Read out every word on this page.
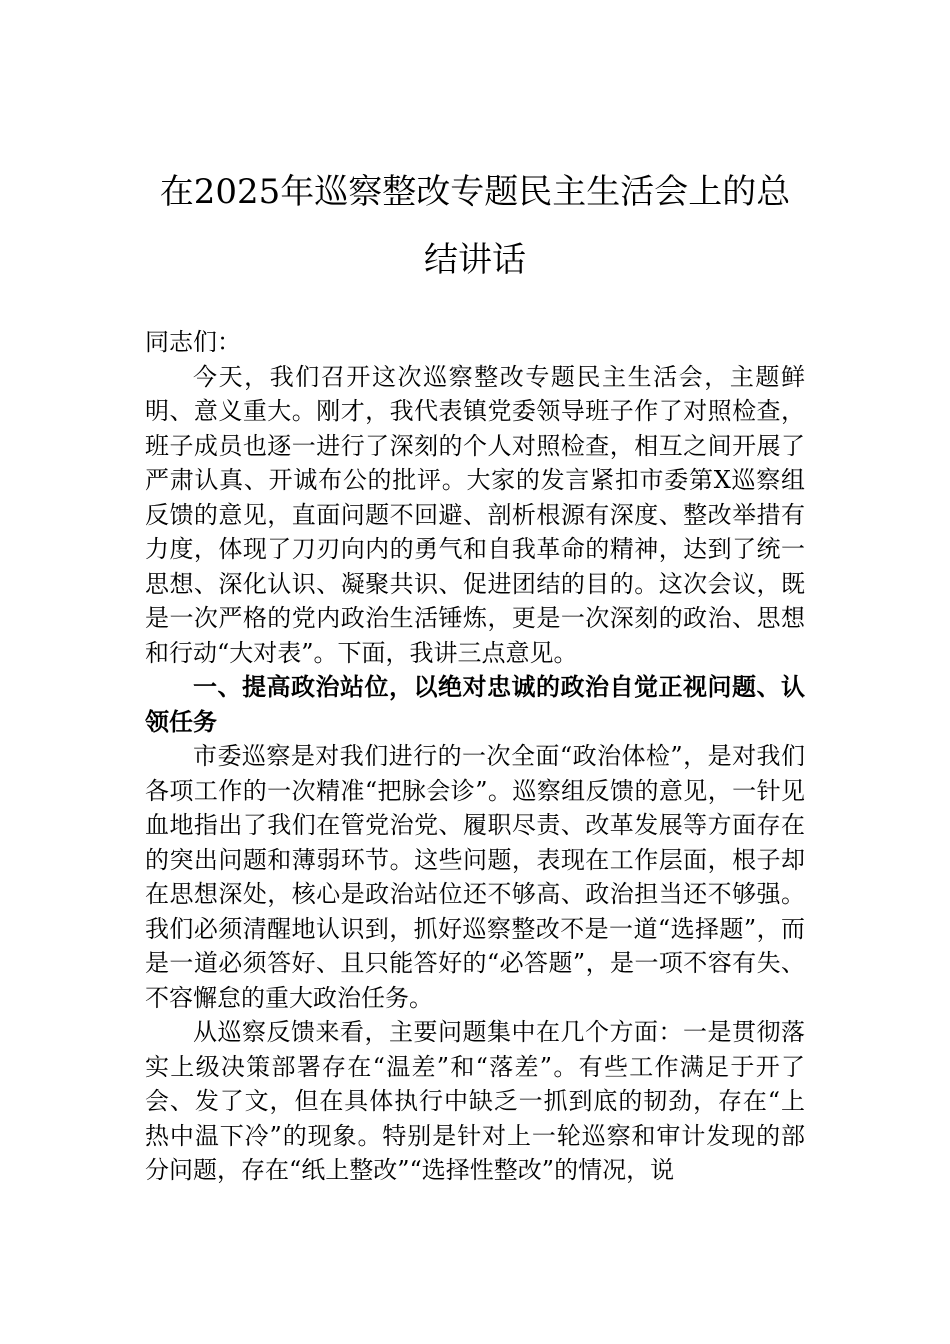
在2025年巡察整改专题民主生活会上的总
结讲话

同志们：

今天，我们召开这次巡察整改专题民主生活会，主题鲜明、意义重大。刚才，我代表镇党委领导班子作了对照检查，班子成员也逐一进行了深刻的个人对照检查，相互之间开展了严肃认真、开诚布公的批评。大家的发言紧扣市委第X巡察组反馈的意见，直面问题不回避、剖析根源有深度、整改举措有力度，体现了刀刃向内的勇气和自我革命的精神，达到了统一思想、深化认识、凝聚共识、促进团结的目的。这次会议，既是一次严格的党内政治生活锤炼，更是一次深刻的政治、思想和行动“大对表”。下面，我讲三点意见。

一、提高政治站位，以绝对忠诚的政治自觉正视问题、认领任务

市委巡察是对我们进行的一次全面“政治体检”，是对我们各项工作的一次精准“把脉会诊”。巡察组反馈的意见，一针见血地指出了我们在管党治党、履职尽责、改革发展等方面存在的突出问题和薄弱环节。这些问题，表现在工作层面，根子却在思想深处，核心是政治站位还不够高、政治担当还不够强。我们必须清醒地认识到，抓好巡察整改不是一道“选择题”，而是一道必须答好、且只能答好的“必答题”，是一项不容有失、不容懈怠的重大政治任务。

从巡察反馈来看，主要问题集中在几个方面：一是贯彻落实上级决策部署存在“温差”和“落差”。有些工作满足于开了会、发了文，但在具体执行中缺乏一抓到底的韧劲，存在“上热中温下冷”的现象。特别是针对上一轮巡察和审计发现的部分问题，存在“纸上整改”“选择性整改”的情况，说
